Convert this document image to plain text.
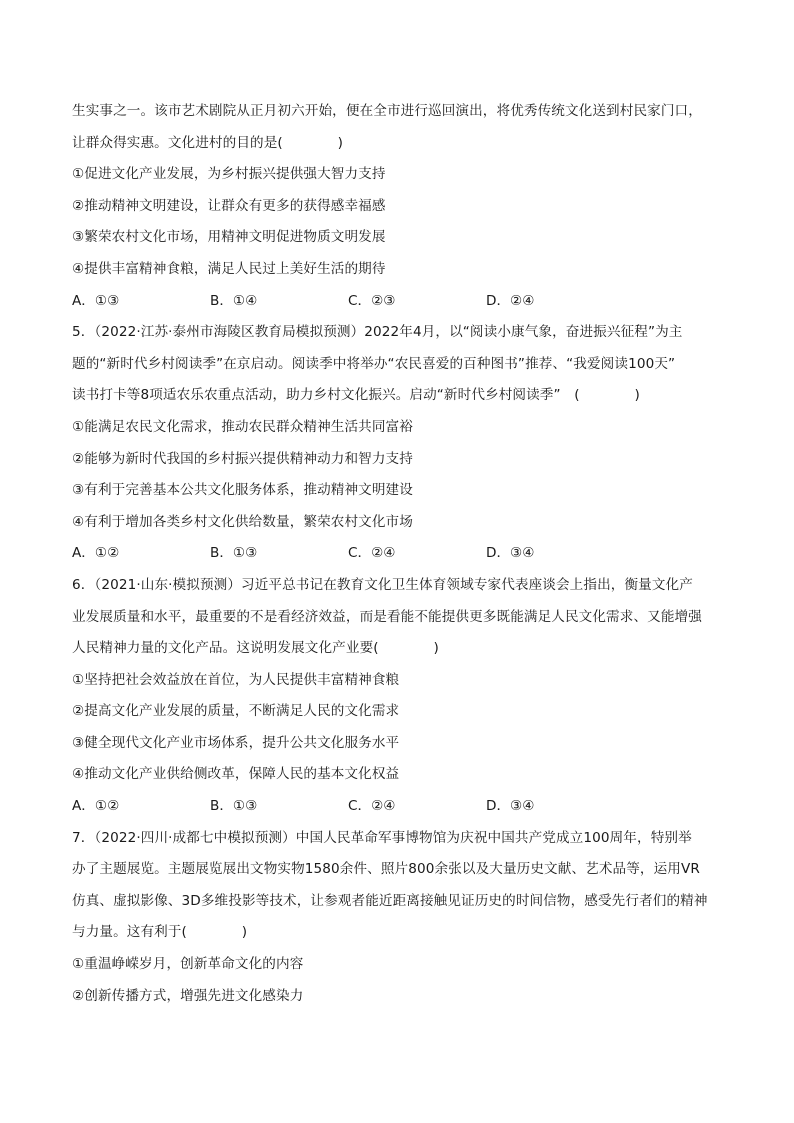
生实事之一。该市艺术剧院从正月初六开始，便在全市进行巡回演出，将优秀传统文化送到村民家门口，
让群众得实惠。文化进村的目的是(　　　　)
①促进文化产业发展，为乡村振兴提供强大智力支持
②推动精神文明建设，让群众有更多的获得感幸福感
③繁荣农村文化市场，用精神文明促进物质文明发展
④提供丰富精神食粮，满足人民过上美好生活的期待
A．①③	B．①④	C．②③	D．②④
5．（2022·江苏·泰州市海陵区教育局模拟预测）2022年4月，以“阅读小康气象，奋进振兴征程”为主
题的“新时代乡村阅读季”在京启动。阅读季中将举办“农民喜爱的百种图书”推荐、“我爱阅读100天”
读书打卡等8项适农乐农重点活动，助力乡村文化振兴。启动“新时代乡村阅读季”　(　　　　)
①能满足农民文化需求，推动农民群众精神生活共同富裕
②能够为新时代我国的乡村振兴提供精神动力和智力支持
③有利于完善基本公共文化服务体系，推动精神文明建设
④有利于增加各类乡村文化供给数量，繁荣农村文化市场
A．①②	B．①③	C．②④	D．③④
6．（2021·山东·模拟预测）习近平总书记在教育文化卫生体育领域专家代表座谈会上指出，衡量文化产
业发展质量和水平，最重要的不是看经济效益，而是看能不能提供更多既能满足人民文化需求、又能增强
人民精神力量的文化产品。这说明发展文化产业要(　　　　)
①坚持把社会效益放在首位，为人民提供丰富精神食粮
②提高文化产业发展的质量，不断满足人民的文化需求
③健全现代文化产业市场体系，提升公共文化服务水平
④推动文化产业供给侧改革，保障人民的基本文化权益
A．①②	B．①③	C．②④	D．③④
7．（2022·四川·成都七中模拟预测）中国人民革命军事博物馆为庆祝中国共产党成立100周年，特别举
办了主题展览。主题展览展出文物实物1580余件、照片800余张以及大量历史文献、艺术品等，运用VR
仿真、虚拟影像、3D多维投影等技术，让参观者能近距离接触见证历史的时间信物，感受先行者们的精神
与力量。这有利于(　　　　)
①重温峥嵘岁月，创新革命文化的内容
②创新传播方式，增强先进文化感染力
